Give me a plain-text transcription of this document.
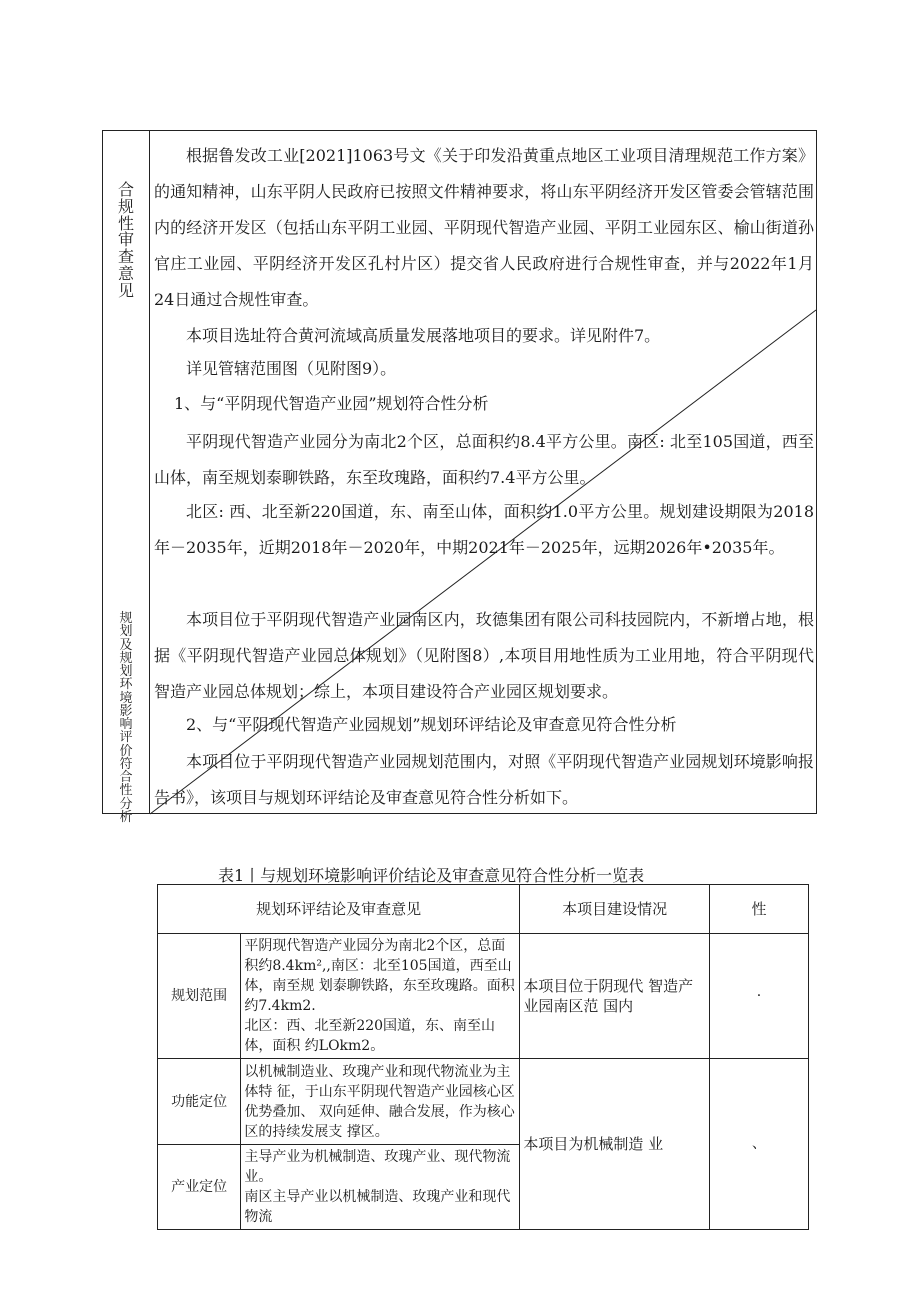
合
规
性
审
查
意
见
规
划
及
规
划
环
境
影
响
评
价
符
合
性
分
析

根据鲁发改工业[2021]1063号文《关于印发沿黄重点地区工业项目清理规范工作方案》的通知精神，山东平阴人民政府已按照文件精神要求，将山东平阴经济开发区管委会管辖范围内的经济开发区（包括山东平阴工业园、平阴现代智造产业园、平阴工业园东区、榆山街道孙官庄工业园、平阴经济开发区孔村片区）提交省人民政府进行合规性审查，并与2022年1月24日通过合规性审查。

本项目选址符合黄河流域高质量发展落地项目的要求。详见附件7。

详见管辖范围图（见附图9）。

1、与“平阴现代智造产业园”规划符合性分析

平阴现代智造产业园分为南北2个区，总面积约8.4平方公里。南区: 北至105国道，西至山体，南至规划泰聊铁路，东至玫瑰路，面积约7.4平方公里。

北区: 西、北至新220国道，东、南至山体，面积约1.0平方公里。规划建设期限为2018年－2035年，近期2018年－2020年，中期2021年－2025年，远期2026年•2035年。

本项目位于平阴现代智造产业园南区内，玫德集团有限公司科技园院内，不新增占地，根据《平阴现代智造产业园总体规划》（见附图8）,本项目用地性质为工业用地，符合平阴现代智造产业园总体规划；综上，本项目建设符合产业园区规划要求。

2、与“平阴现代智造产业园规划”规划环评结论及审查意见符合性分析

本项目位于平阴现代智造产业园规划范围内，对照《平阴现代智造产业园规划环境影响报告书》，该项目与规划环评结论及审查意见符合性分析如下。

表1丨与规划环境影响评价结论及审查意见符合性分析一览表
规划环评结论及审查意见		本项目建设情况	性
规划范围	平阴现代智造产业园分为南北2个区，总面积约8.4km²,,南区：北至105国道，西至山体，南至规 划泰聊铁路，东至玫瑰路。面积约7.4km2.
北区：西、北至新220国道，东、南至山体，面积 约LOkm2。	本项目位于阴现代 智造产业园南区范 国内	·
功能定位	以机械制造业、玫瑰产业和现代物流业为主体特 征，于山东平阴现代智造产业园核心区优势叠加、 双向延伸、融合发展，作为核心区的持续发展支 撑区。	本项目为机械制造 业	、
产业定位	主导产业为机械制造、玫瑰产业、现代物流业。
南区主导产业以机械制造、玫瑰产业和现代物流		
